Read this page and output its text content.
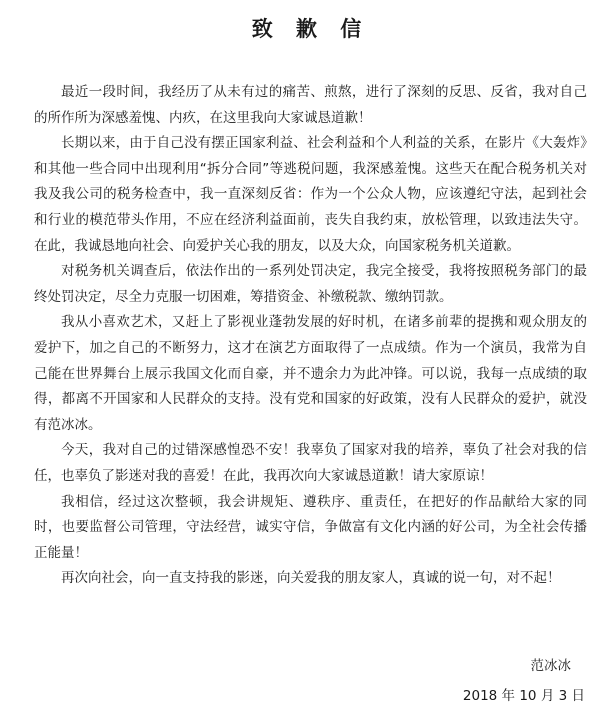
致 歉 信

最近一段时间，我经历了从未有过的痛苦、煎熬，进行了深刻的反思、反省，我对自己的所作所为深感羞愧、内疚，在这里我向大家诚恳道歉！

长期以来，由于自己没有摆正国家利益、社会利益和个人利益的关系，在影片《大轰炸》和其他一些合同中出现利用“拆分合同”等逃税问题，我深感羞愧。这些天在配合税务机关对我及我公司的税务检查中，我一直深刻反省：作为一个公众人物，应该遵纪守法，起到社会和行业的模范带头作用，不应在经济利益面前，丧失自我约束，放松管理，以致违法失守。在此，我诚恳地向社会、向爱护关心我的朋友，以及大众，向国家税务机关道歉。

对税务机关调查后，依法作出的一系列处罚决定，我完全接受，我将按照税务部门的最终处罚决定，尽全力克服一切困难，筹措资金、补缴税款、缴纳罚款。

我从小喜欢艺术，又赶上了影视业蓬勃发展的好时机，在诸多前辈的提携和观众朋友的爱护下，加之自己的不断努力，这才在演艺方面取得了一点成绩。作为一个演员，我常为自己能在世界舞台上展示我国文化而自豪，并不遗余力为此冲锋。可以说，我每一点成绩的取得，都离不开国家和人民群众的支持。没有党和国家的好政策，没有人民群众的爱护，就没有范冰冰。

今天，我对自己的过错深感惶恐不安！我辜负了国家对我的培养，辜负了社会对我的信任，也辜负了影迷对我的喜爱！在此，我再次向大家诚恳道歉！请大家原谅！

我相信，经过这次整顿，我会讲规矩、遵秩序、重责任，在把好的作品献给大家的同时，也要监督公司管理，守法经营，诚实守信，争做富有文化内涵的好公司，为全社会传播正能量！

再次向社会，向一直支持我的影迷，向关爱我的朋友家人，真诚的说一句，对不起！

范冰冰
2018 年 10 月 3 日
